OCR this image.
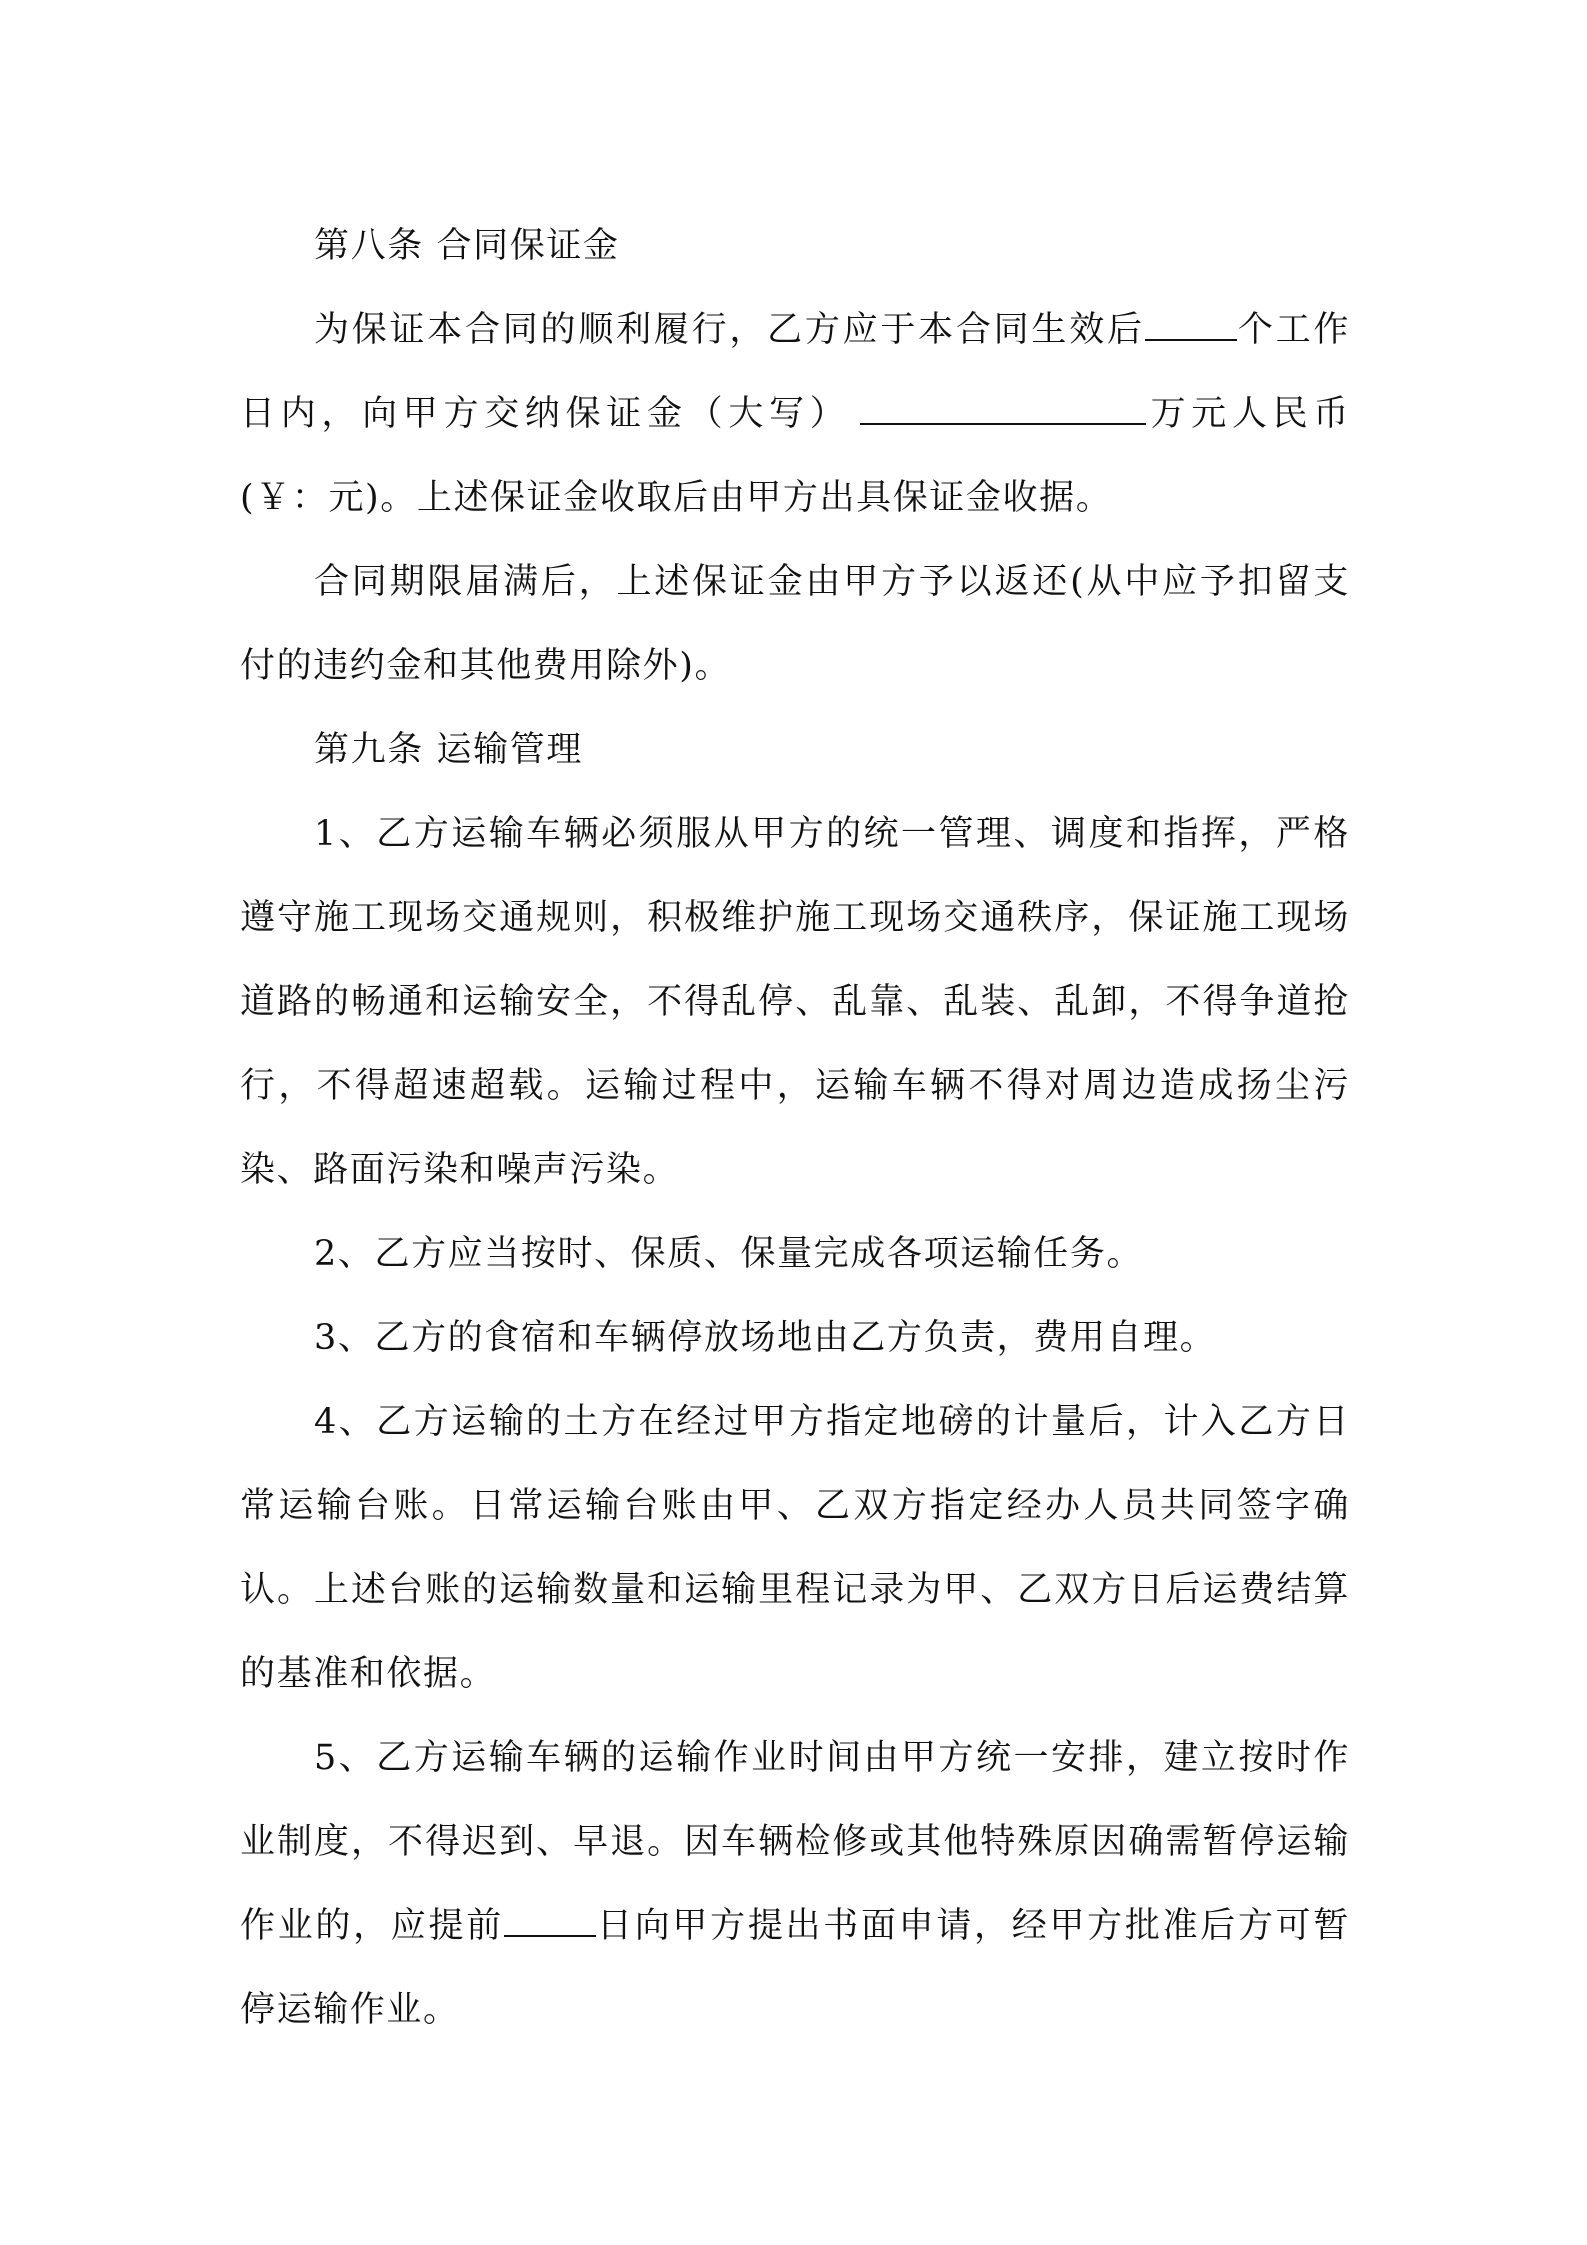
第八条 合同保证金

为保证本合同的顺利履行，乙方应于本合同生效后	个工作日内，向甲方交纳保证金（大写）	万元人民币(￥：元)。上述保证金收取后由甲方出具保证金收据。

合同期限届满后，上述保证金由甲方予以返还(从中应予扣留支付的违约金和其他费用除外)。

第九条 运输管理

1、乙方运输车辆必须服从甲方的统一管理、调度和指挥，严格遵守施工现场交通规则，积极维护施工现场交通秩序，保证施工现场道路的畅通和运输安全，不得乱停、乱靠、乱装、乱卸，不得争道抢行，不得超速超载。运输过程中，运输车辆不得对周边造成扬尘污染、路面污染和噪声污染。

2、乙方应当按时、保质、保量完成各项运输任务。

3、乙方的食宿和车辆停放场地由乙方负责，费用自理。

4、乙方运输的土方在经过甲方指定地磅的计量后，计入乙方日常运输台账。日常运输台账由甲、乙双方指定经办人员共同签字确认。上述台账的运输数量和运输里程记录为甲、乙双方日后运费结算的基准和依据。

5、乙方运输车辆的运输作业时间由甲方统一安排，建立按时作业制度，不得迟到、早退。因车辆检修或其他特殊原因确需暂停运输作业的，应提前	日向甲方提出书面申请，经甲方批准后方可暂停运输作业。
